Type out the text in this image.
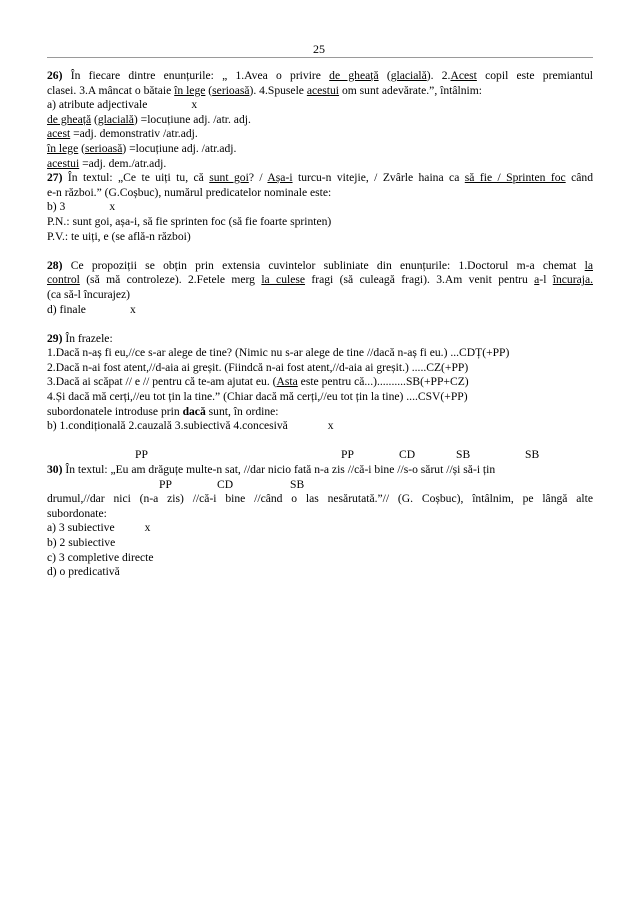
25

26) În fiecare dintre enunțurile: „ 1.Avea o privire de gheață (glacială). 2.Acest copil este premiantul

clasei. 3.A mâncat o bătaie în lege (serioasă). 4.Spusele acestui om sunt adevărate.”, întâlnim:

a) atribute adjectivale	x

de gheață (glacială) =locuțiune adj. /atr. adj.

acest =adj. demonstrativ /atr.adj.

în lege (serioasă) =locuțiune adj. /atr.adj.

acestui =adj. dem./atr.adj.

27) În textul: „Ce te uiți tu, că sunt goi? / Așa-i turcu-n vitejie, / Zvârle haina ca să fie / Sprinten foc când

e-n război.” (G.Coșbuc), numărul predicatelor nominale este:

b) 3	x

P.N.: sunt goi, așa-i, să fie sprinten foc (să fie foarte sprinten)

P.V.: te uiți, e (se află-n război)

28) Ce propoziții se obțin prin extensia cuvintelor subliniate din enunțurile: 1.Doctorul m-a chemat la

control (să mă controleze). 2.Fetele merg la culese fragi (să culeagă fragi). 3.Am venit pentru a-l încuraja.

(ca să-l încurajez)

d) finale	x

29) În frazele:

1.Dacă n-aș fi eu,//ce s-ar alege de tine? (Nimic nu s-ar alege de tine //dacă n-aș fi eu.) ...CDȚ(+PP)

2.Dacă n-ai fost atent,//d-aia ai greșit. (Fiindcă n-ai fost atent,//d-aia ai greșit.) .....CZ(+PP)

3.Dacă ai scăpat // e // pentru că te-am ajutat eu. (Asta este pentru că...)..........SB(+PP+CZ)

4.Și dacă mă cerți,//eu tot țin la tine.” (Chiar dacă mă cerți,//eu tot țin la tine) ....CSV(+PP)

subordonatele introduse prin dacă sunt, în ordine:

b) 1.condițională 2.cauzală 3.subiectivă 4.concesivă	x

PP	PP	CD	SB	SB

30) În textul: „Eu am drăguțe multe-n sat, //dar nicio fată n-a zis //că-i bine //s-o sărut //și să-i țin

PP	CD	SB

drumul,//dar nici (n-a zis) //că-i bine //când o las nesărutată.”// (G. Coșbuc), întâlnim, pe lângă alte

subordonate:

a) 3 subiective	x

b) 2 subiective

c) 3 completive directe

d) o predicativă
